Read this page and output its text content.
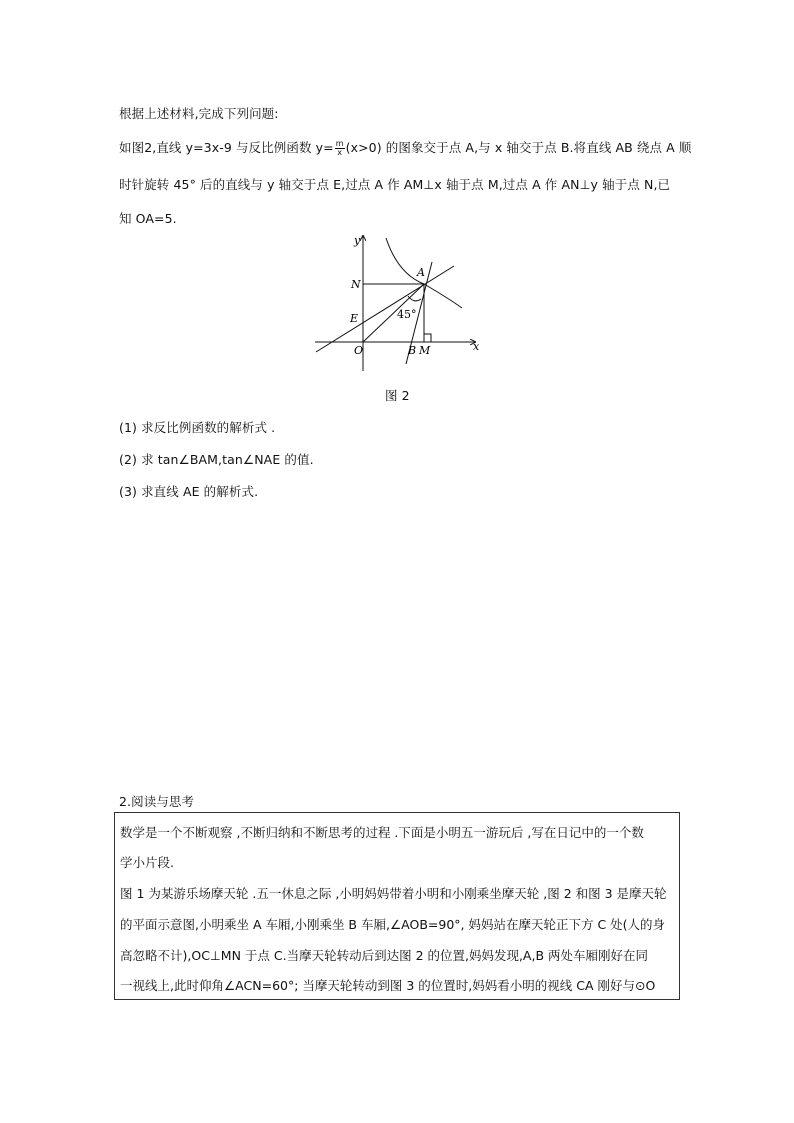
根据上述材料,完成下列问题:
如图2,直线 y=3x-9 与反比例函数 $y= \frac{m}{x} (x>0)$ 的图象交于点 A,与 x 轴交于点 B.将直线 AB 绕点 A 顺
时针旋转 45° 后的直线与 y 轴交于点 E,过点 A 作 AM⊥x 轴于点 M,过点 A 作 AN⊥y 轴于点 N,已
知 OA=5.
y
x
N
A
E
O	B M
45°
图 2
(1) 求反比例函数的解析式 .
(2) 求 tan∠BAM,tan∠NAE 的值.
(3) 求直线 AE 的解析式.
2.阅读与思考
数学是一个不断观察 ,不断归纳和不断思考的过程 .下面是小明五一游玩后 ,写在日记中的一个数
学小片段.
图 1 为某游乐场摩天轮 .五一休息之际 ,小明妈妈带着小明和小刚乘坐摩天轮 ,图 2 和图 3 是摩天轮
的平面示意图,小明乘坐 A 车厢,小刚乘坐 B 车厢,∠AOB=90°, 妈妈站在摩天轮正下方 C 处(人的身
高忽略不计),OC⊥MN 于点 C.当摩天轮转动后到达图 2 的位置,妈妈发现,A,B 两处车厢刚好在同
一视线上,此时仰角∠ACN=60°; 当摩天轮转动到图 3 的位置时,妈妈看小明的视线 CA 刚好与⊙O
